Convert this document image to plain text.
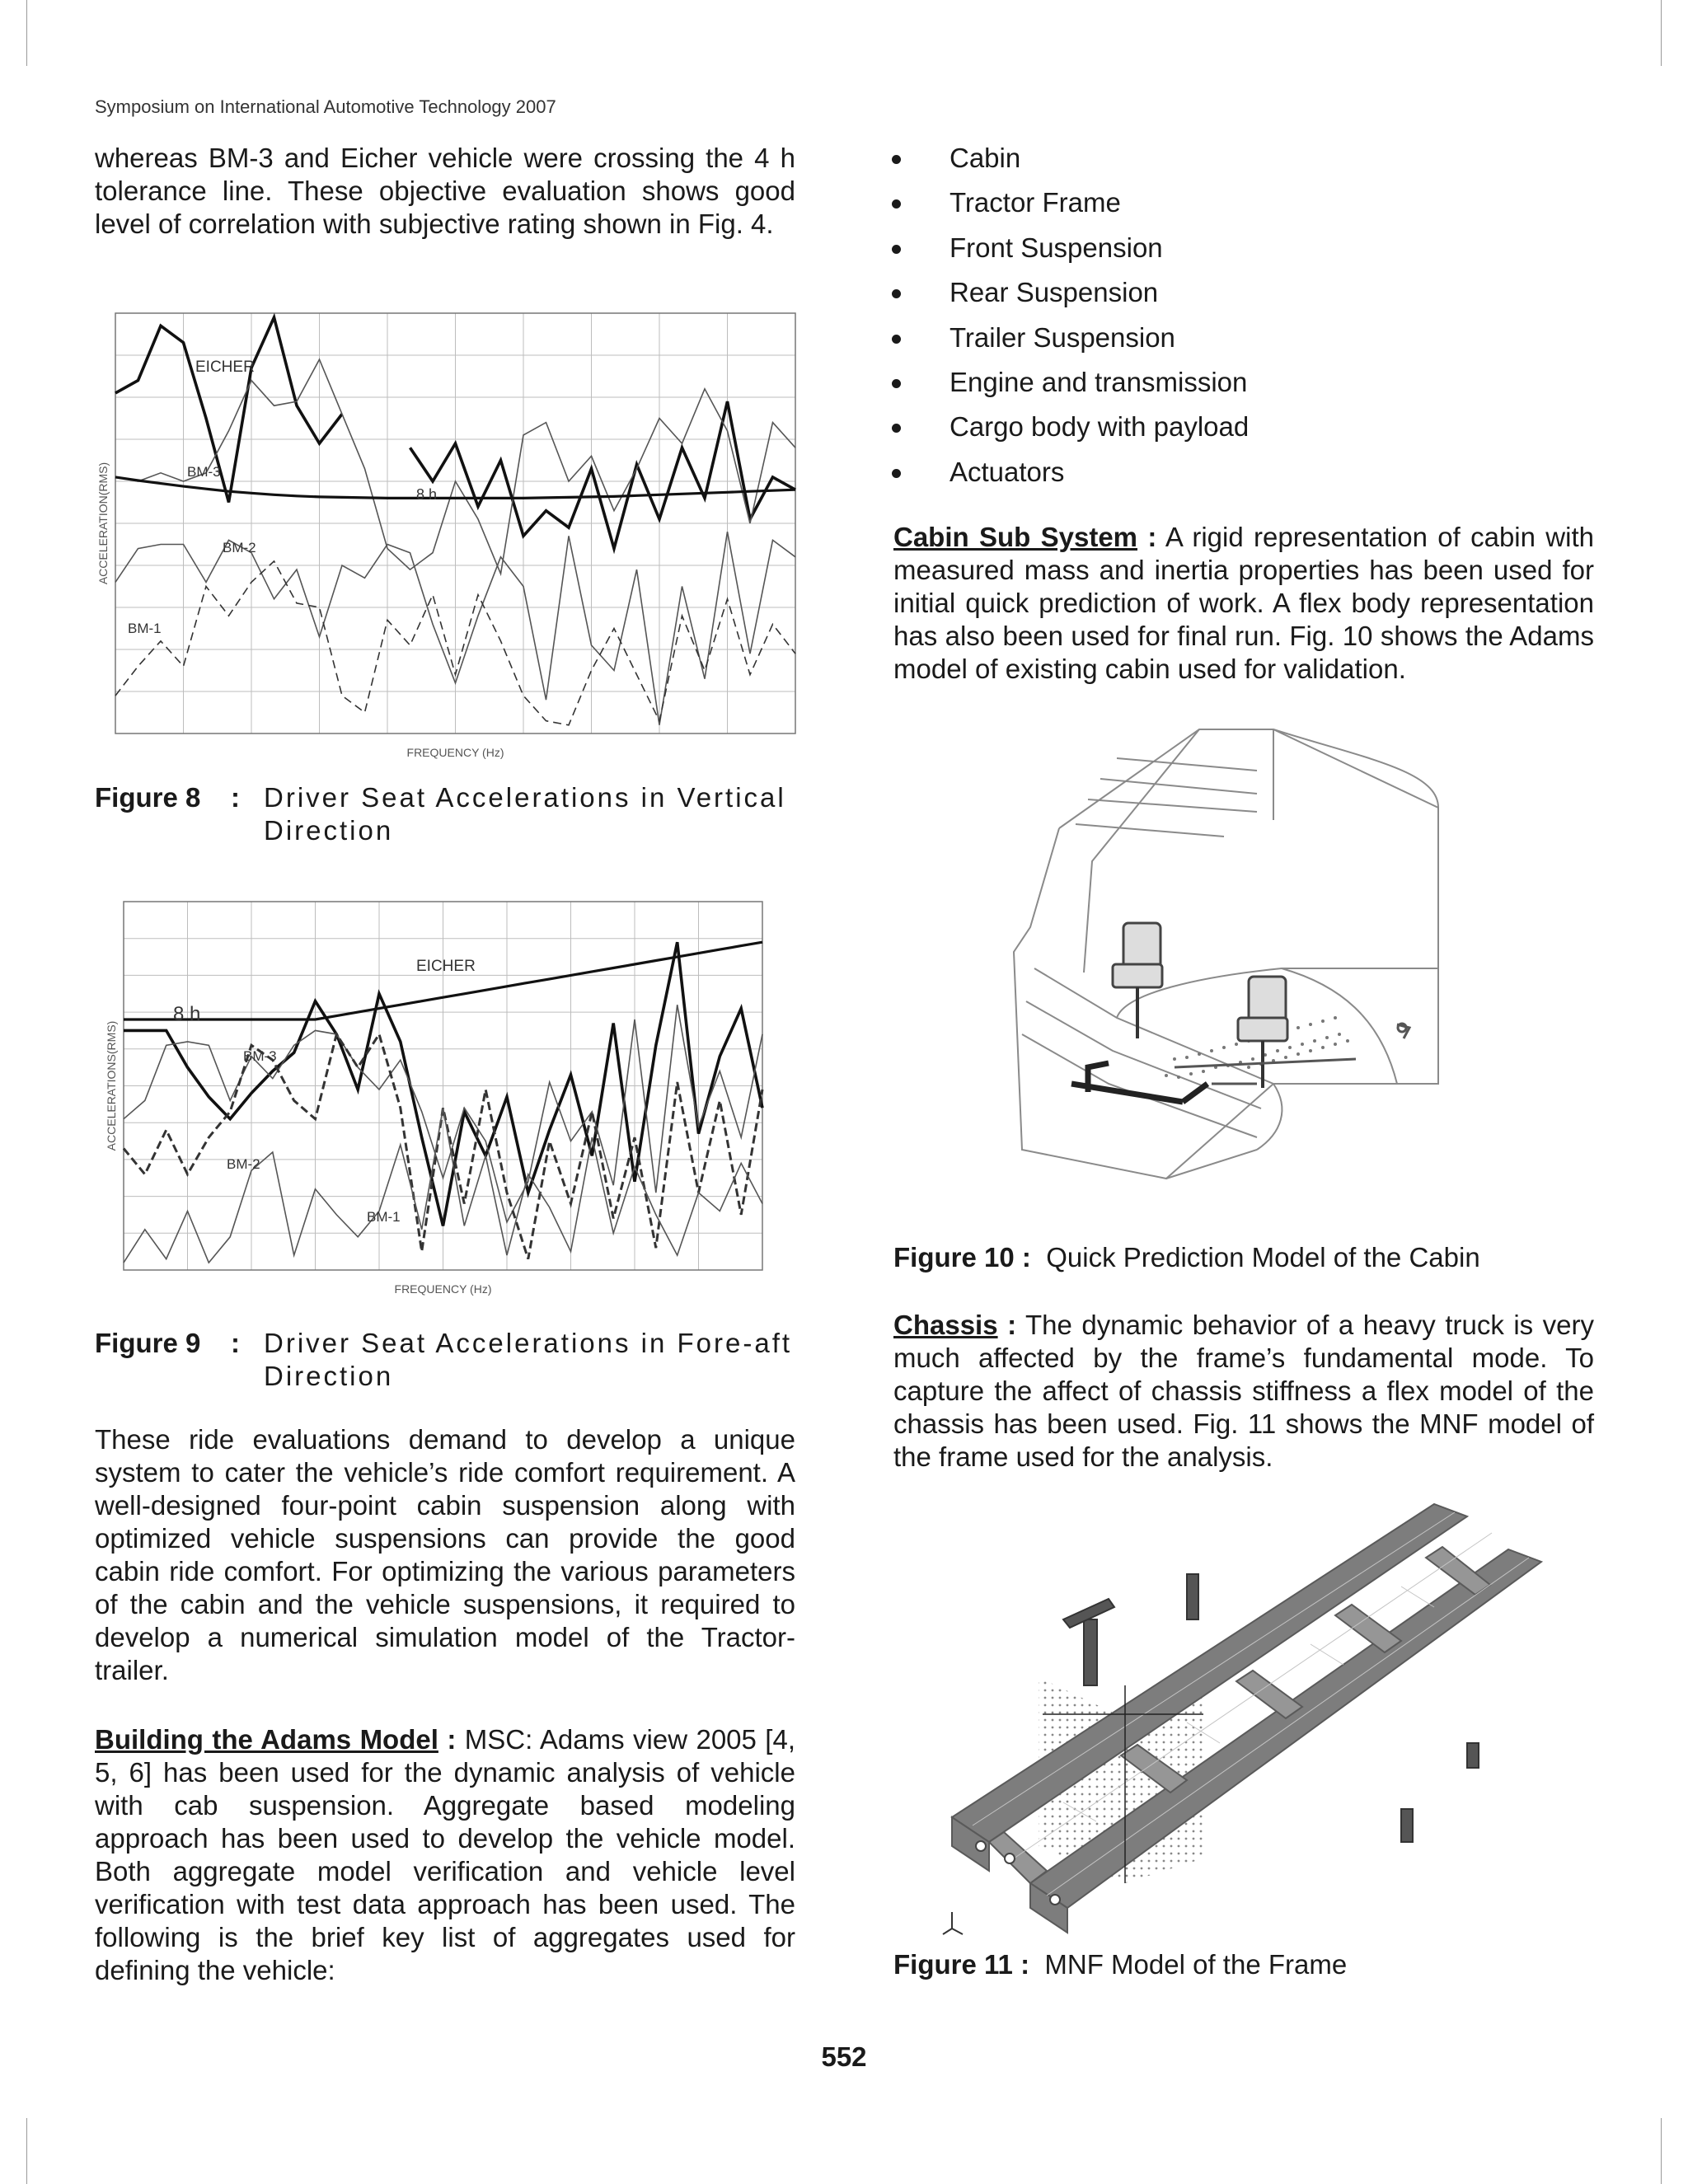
Symposium on International Automotive Technology 2007

whereas BM-3 and Eicher vehicle were crossing the 4 h tolerance line. These objective evaluation shows good level of correlation with subjective rating shown in Fig. 4.

EICHER
BM-3
BM-2
BM-1
8 h
FREQUENCY (Hz)
ACCELERATION(RMS)
Figure 8	: Driver Seat Accelerations in Vertical Direction
EICHER
BM-3
BM-2
BM-1
8 h
FREQUENCY (Hz)
ACCELERATIONS(RMS)
Figure 9	: Driver Seat Accelerations in Fore-aft Direction

These ride evaluations demand to develop a unique system to cater the vehicle’s ride comfort requirement. A well-designed four-point cabin suspension along with optimized vehicle suspensions can provide the good cabin ride comfort. For optimizing the various parameters of the cabin and the vehicle suspensions, it required to develop a numerical simulation model of the Tractor-trailer.

Building the Adams Model : MSC: Adams view 2005 [4, 5, 6] has been used for the dynamic analysis of vehicle with cab suspension. Aggregate based modeling approach has been used to develop the vehicle model. Both aggregate model verification and vehicle level verification with test data approach has been used. The following is the brief key list of aggregates used for defining the vehicle:

Cabin
Tractor Frame
Front Suspension
Rear Suspension
Trailer Suspension
Engine and transmission
Cargo body with payload
Actuators

Cabin Sub System : A rigid representation of cabin with measured mass and inertia properties has been used for initial quick prediction of work. A flex body representation has also been used for final run. Fig. 10 shows the Adams model of existing cabin used for validation.

Figure 10 : Quick Prediction Model of the Cabin

Chassis : The dynamic behavior of a heavy truck is very much affected by the frame’s fundamental mode. To capture the affect of chassis stiffness a flex model of the chassis has been used. Fig. 11 shows the MNF model of the frame used for the analysis.

Figure 11 : MNF Model of the Frame
552
